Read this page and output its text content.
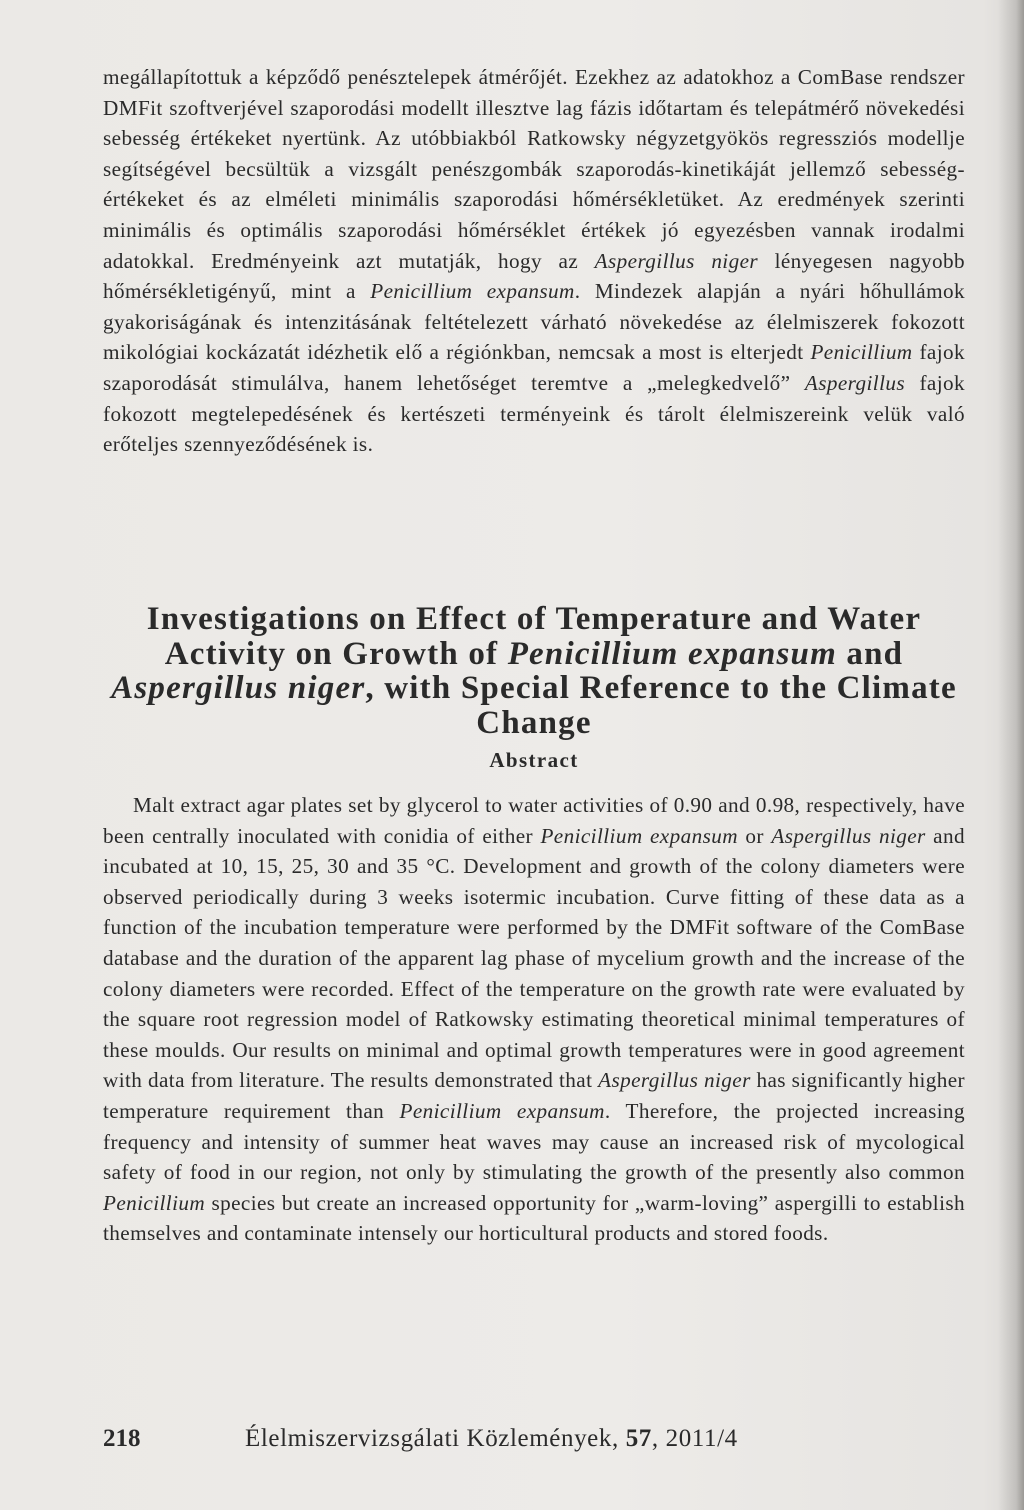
megállapítottuk a képződő penésztelepek átmérőjét. Ezekhez az adatokhoz a ComBase rendszer DMFit szoftverjével szaporodási modellt illesztve lag fázis időtartam és telepátmérő növekedési sebesség értékeket nyertünk. Az utóbbiakból Ratkowsky négyzetgyökös regressziós modellje segítségével becsültük a vizsgált penészgombák szaporodás-kinetikáját jellemző sebesség-értékeket és az elméleti minimális szaporodási hőmérsékletüket. Az eredmények szerinti minimális és optimális szaporodási hőmérséklet értékek jó egyezésben vannak irodalmi adatokkal. Eredményeink azt mutatják, hogy az Aspergillus niger lényegesen nagyobb hőmérsékletigényű, mint a Penicillium expansum. Mindezek alapján a nyári hőhullámok gyakoriságának és intenzitásának feltételezett várható növekedése az élelmiszerek fokozott mikológiai kockázatát idézhetik elő a régiónkban, nemcsak a most is elterjedt Penicillium fajok szaporodását stimulálva, hanem lehetőséget teremtve a „melegkedvelő” Aspergillus fajok fokozott megtelepedésének és kertészeti terményeink és tárolt élelmiszereink velük való erőteljes szennyeződésének is.

Investigations on Effect of Temperature and Water Activity on Growth of Penicillium expansum and Aspergillus niger, with Special Reference to the Climate Change
Abstract

Malt extract agar plates set by glycerol to water activities of 0.90 and 0.98, respectively, have been centrally inoculated with conidia of either Penicillium expansum or Aspergillus niger and incubated at 10, 15, 25, 30 and 35 °C. Development and growth of the colony diameters were observed periodically during 3 weeks isotermic incubation. Curve fitting of these data as a function of the incubation temperature were performed by the DMFit software of the ComBase database and the duration of the apparent lag phase of mycelium growth and the increase of the colony diameters were recorded. Effect of the temperature on the growth rate were evaluated by the square root regression model of Ratkowsky estimating theoretical minimal temperatures of these moulds. Our results on minimal and optimal growth temperatures were in good agreement with data from literature. The results demonstrated that Aspergillus niger has significantly higher temperature requirement than Penicillium expansum. Therefore, the projected increasing frequency and intensity of summer heat waves may cause an increased risk of mycological safety of food in our region, not only by stimulating the growth of the presently also common Penicillium species but create an increased opportunity for „warm-loving” aspergilli to establish themselves and contaminate intensely our horticultural products and stored foods.

218	Élelmiszervizsgálati Közlemények, 57, 2011/4
